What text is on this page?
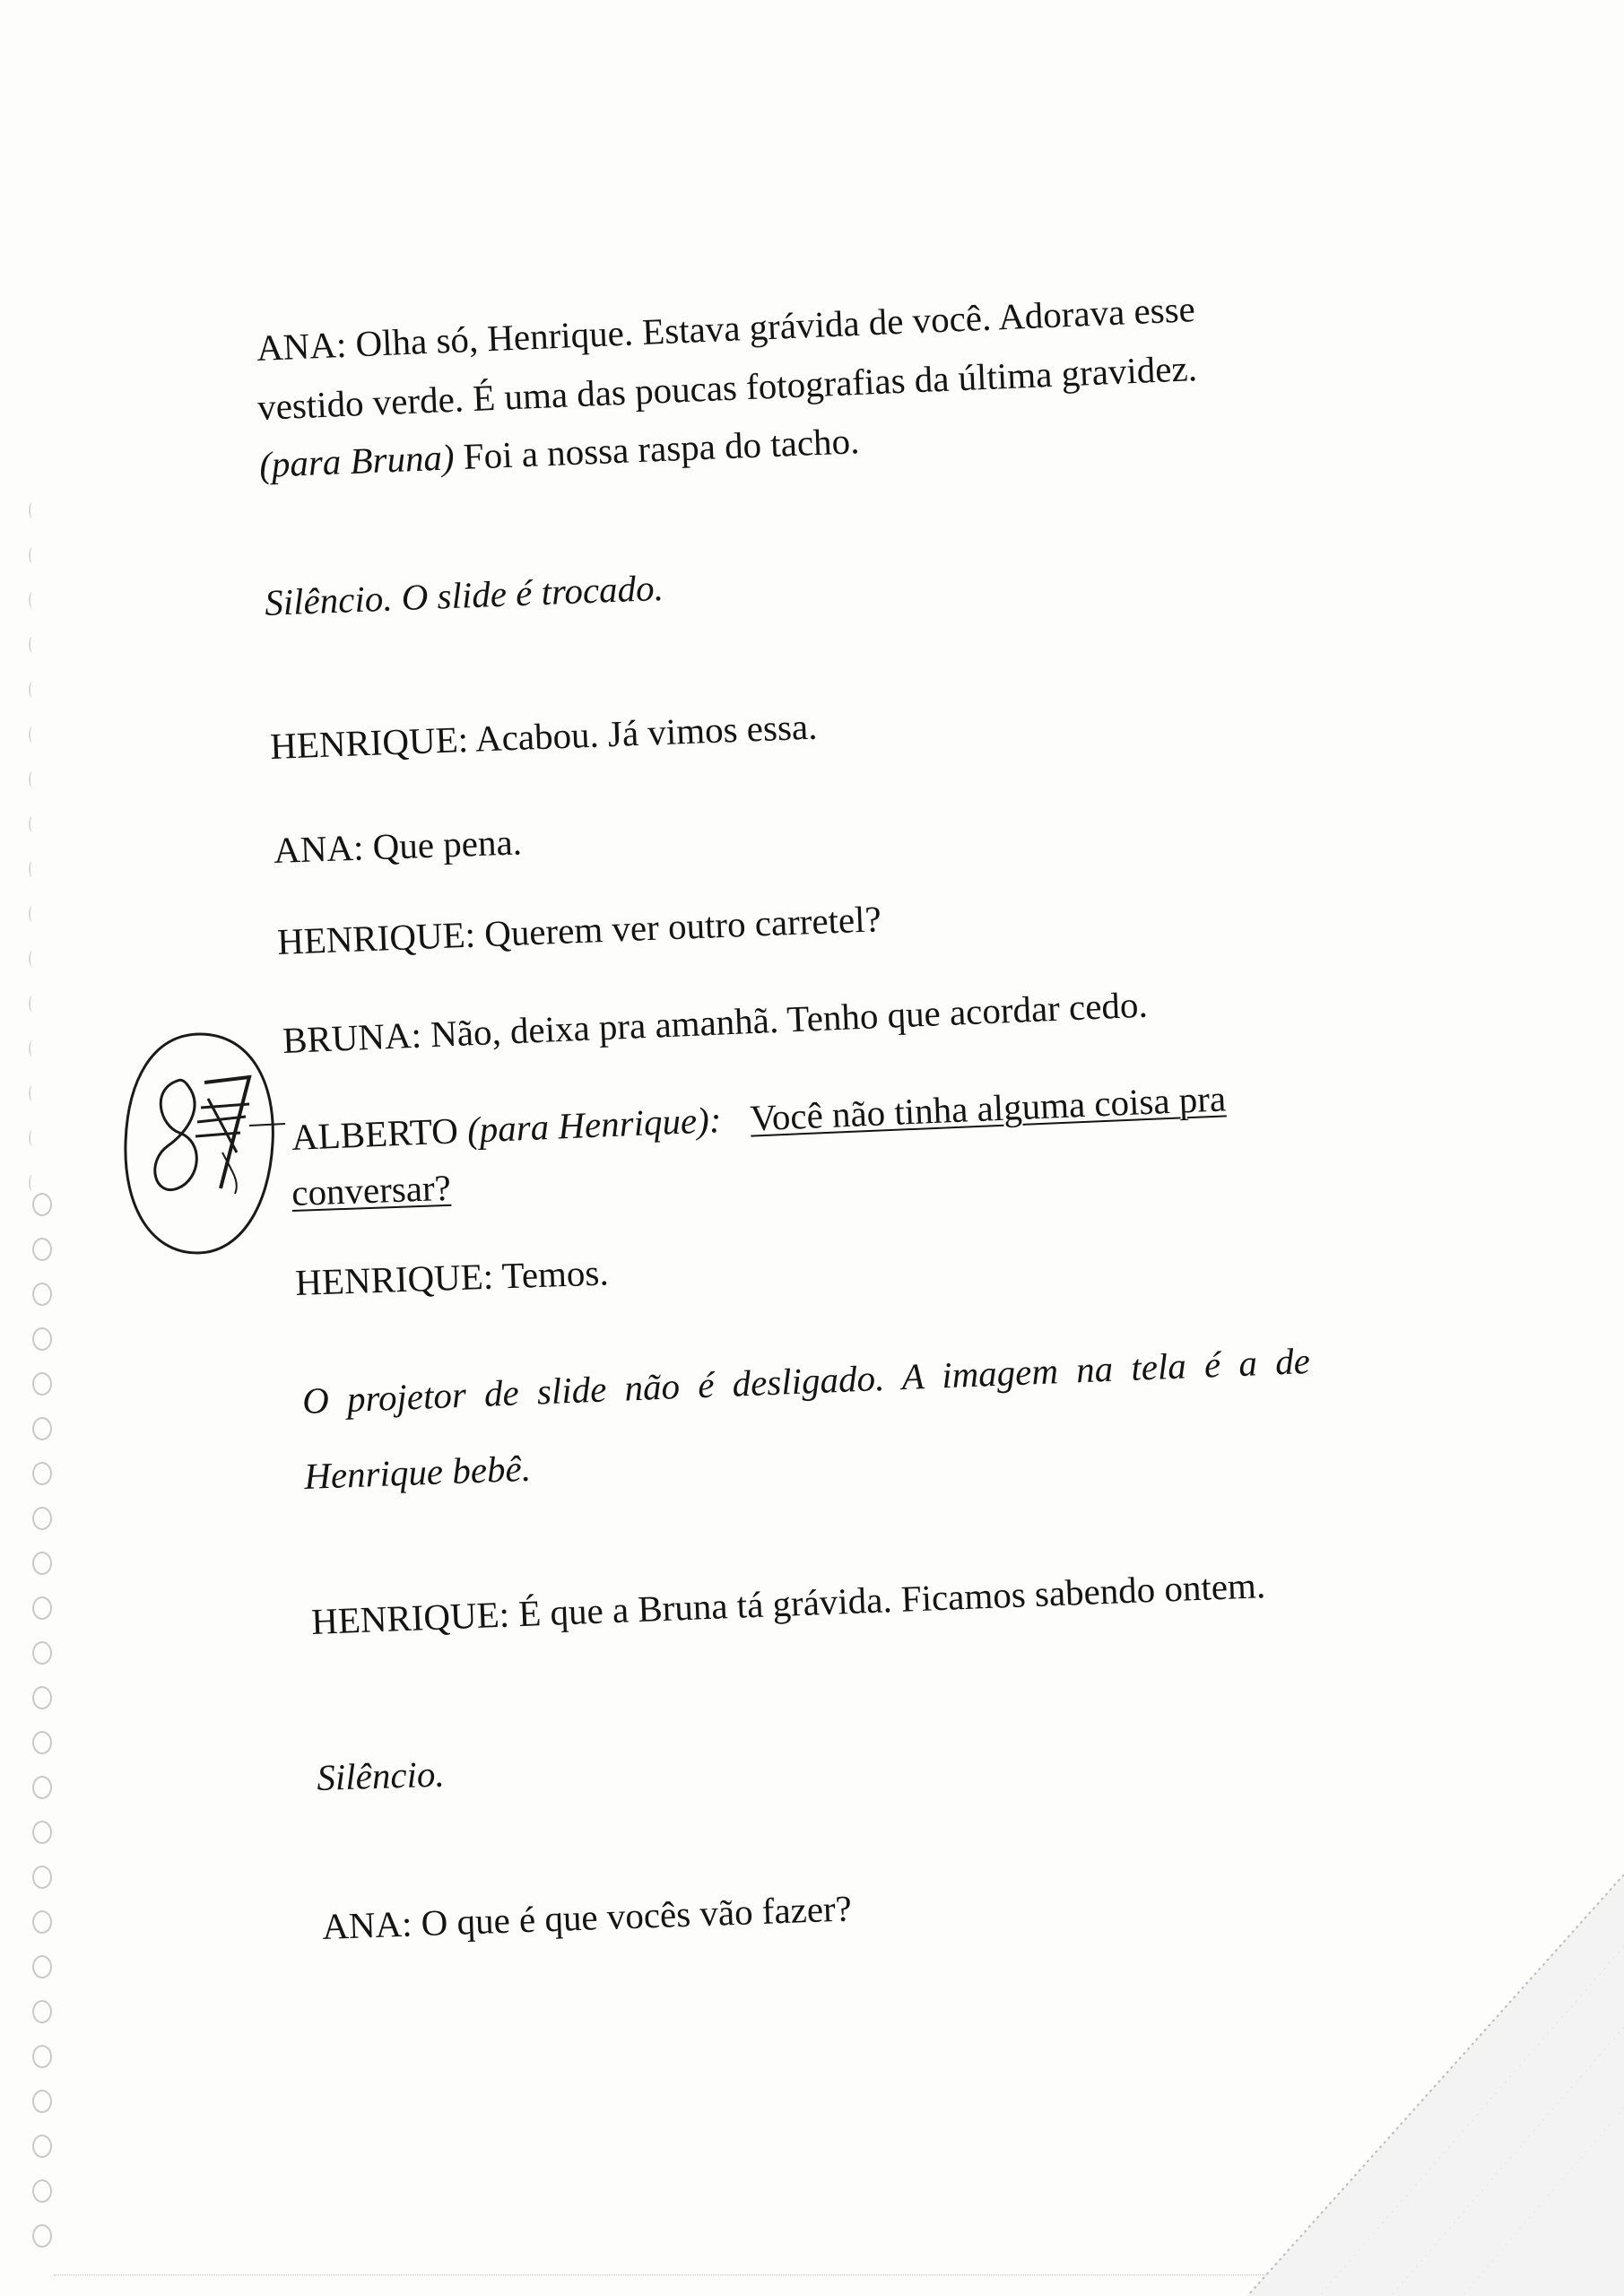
ANA: Olha só, Henrique. Estava grávida de você. Adorava esse
vestido verde. É uma das poucas fotografias da última gravidez.
(para Bruna) Foi a nossa raspa do tacho.
Silêncio. O slide é trocado.
HENRIQUE: Acabou. Já vimos essa.
ANA: Que pena.
HENRIQUE: Querem ver outro carretel?
BRUNA: Não, deixa pra amanhã. Tenho que acordar cedo.
ALBERTO (para Henrique): Você não tinha alguma coisa pra
conversar?
HENRIQUE: Temos.
O projetor de slide não é desligado. A imagem na tela é a de
Henrique bebê.
HENRIQUE: É que a Bruna tá grávida. Ficamos sabendo ontem.
Silêncio.
ANA: O que é que vocês vão fazer?
